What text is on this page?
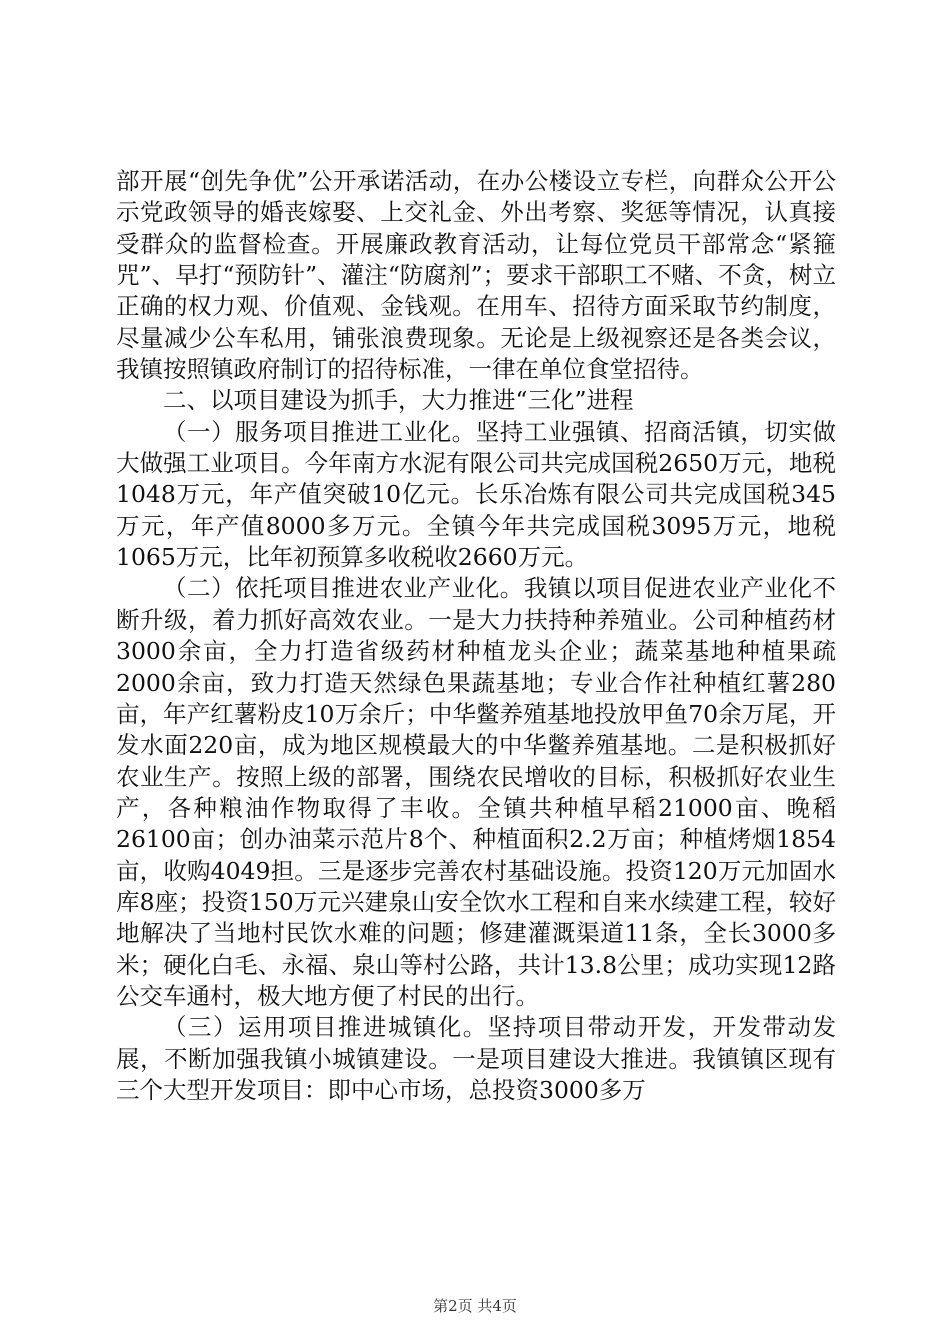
部开展“创先争优”公开承诺活动，在办公楼设立专栏，向群众公开公示党政领导的婚丧嫁娶、上交礼金、外出考察、奖惩等情况，认真接受群众的监督检查。开展廉政教育活动，让每位党员干部常念“紧箍咒”、早打“预防针”、灌注“防腐剂”；要求干部职工不赌、不贪，树立正确的权力观、价值观、金钱观。在用车、招待方面采取节约制度，尽量减少公车私用，铺张浪费现象。无论是上级视察还是各类会议，我镇按照镇政府制订的招待标准，一律在单位食堂招待。

二、以项目建设为抓手，大力推进“三化”进程

（一）服务项目推进工业化。坚持工业强镇、招商活镇，切实做大做强工业项目。今年南方水泥有限公司共完成国税2650万元，地税1048万元，年产值突破10亿元。长乐冶炼有限公司共完成国税345万元，年产值8000多万元。全镇今年共完成国税3095万元，地税1065万元，比年初预算多收税收2660万元。

（二）依托项目推进农业产业化。我镇以项目促进农业产业化不断升级，着力抓好高效农业。一是大力扶持种养殖业。公司种植药材3000余亩，全力打造省级药材种植龙头企业；蔬菜基地种植果疏2000余亩，致力打造天然绿色果蔬基地；专业合作社种植红薯280亩，年产红薯粉皮10万余斤；中华鳖养殖基地投放甲鱼70余万尾，开发水面220亩，成为地区规模最大的中华鳖养殖基地。二是积极抓好农业生产。按照上级的部署，围绕农民增收的目标，积极抓好农业生产，各种粮油作物取得了丰收。全镇共种植早稻21000亩、晚稻26100亩；创办油菜示范片8个、种植面积2.2万亩；种植烤烟1854亩，收购4049担。三是逐步完善农村基础设施。投资120万元加固水库8座；投资150万元兴建泉山安全饮水工程和自来水续建工程，较好地解决了当地村民饮水难的问题；修建灌溉渠道11条，全长3000多米；硬化白毛、永福、泉山等村公路，共计13.8公里；成功实现12路公交车通村，极大地方便了村民的出行。

（三）运用项目推进城镇化。坚持项目带动开发，开发带动发展，不断加强我镇小城镇建设。一是项目建设大推进。我镇镇区现有三个大型开发项目：即中心市场，总投资3000多万

第2页 共4页
